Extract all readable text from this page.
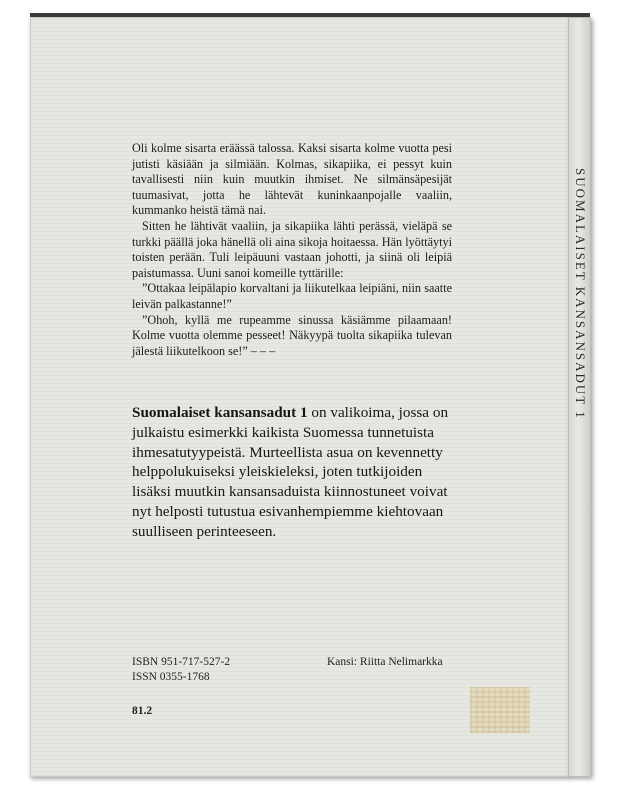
SUOMALAISET KANSANSADUT 1

Oli kolme sisarta eräässä talossa. Kaksi sisarta kolme vuotta pesi jutisti käsiään ja silmiään. Kolmas, sikapiika, ei pessyt kuin tavallisesti niin kuin muutkin ihmiset. Ne silmänsäpesijät tuumasivat, jotta he lähtevät kuninkaanpojalle vaaliin, kummanko heistä tämä nai.

Sitten he lähtivät vaaliin, ja sikapiika lähti perässä, vieläpä se turkki päällä joka hänellä oli aina sikoja hoitaessa. Hän lyöttäytyi toisten perään. Tuli leipäuuni vastaan johotti, ja siinä oli leipiä paistumassa. Uuni sanoi komeille tyttärille:

”Ottakaa leipälapio korvaltani ja liikutelkaa leipiäni, niin saatte leivän palkastanne!”

”Ohoh, kyllä me rupeamme sinussa käsiämme pilaamaan! Kolme vuotta olemme pesseet! Näkyypä tuolta sikapiika tulevan jälestä liikutelkoon se!” – – –

Suomalaiset kansansadut 1 on valikoima, jossa on julkaistu esimerkki kaikista Suomessa tunnetuista ihmesatutyypeistä. Murteellista asua on kevennetty helppolukuiseksi yleiskieleksi, joten tutkijoiden lisäksi muutkin kansansaduista kiinnostuneet voivat nyt helposti tutustua esivanhempiemme kiehtovaan suulliseen perinteeseen.
ISBN 951-717-527-2
ISSN 0355-1768
Kansi: Riitta Nelimarkka
81.2
